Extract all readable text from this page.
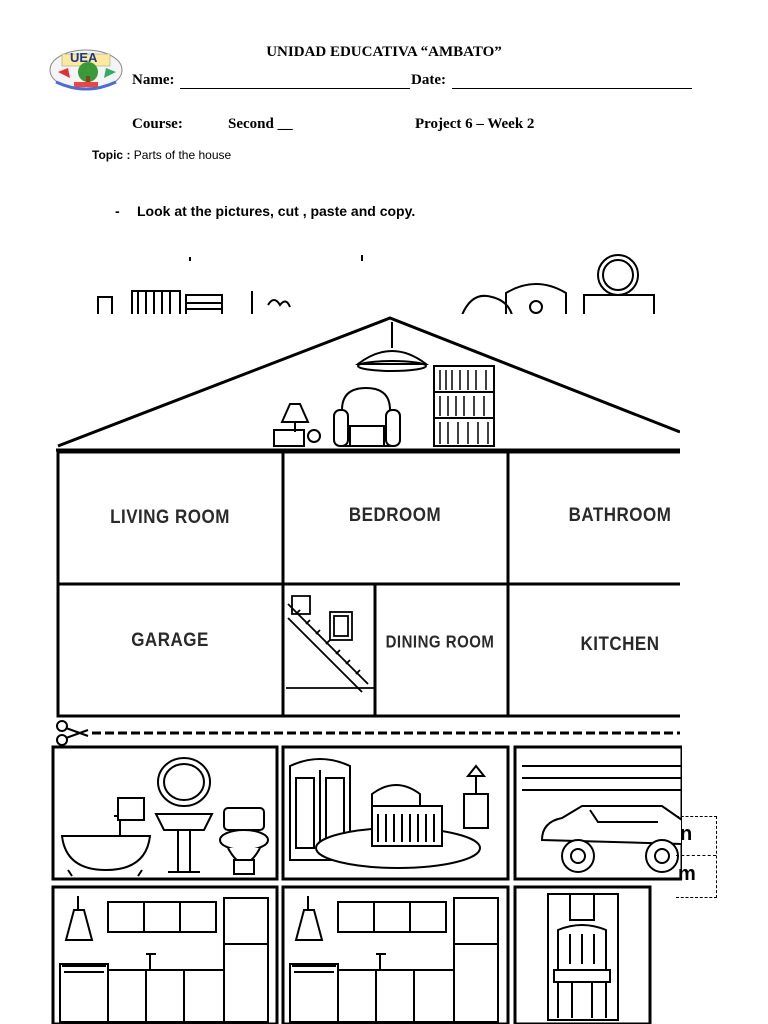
UEA	UNIDAD EDUCATIVA “AMBATO”
Name:	Date:
Course:	Second __	Project 6 – Week 2
Topic : Parts of the house
- Look at the pictures, cut , paste and copy.
LIVING ROOM	BEDROOM	BATHROOM
GARAGE	DINING ROOM	KITCHEN
n
m
